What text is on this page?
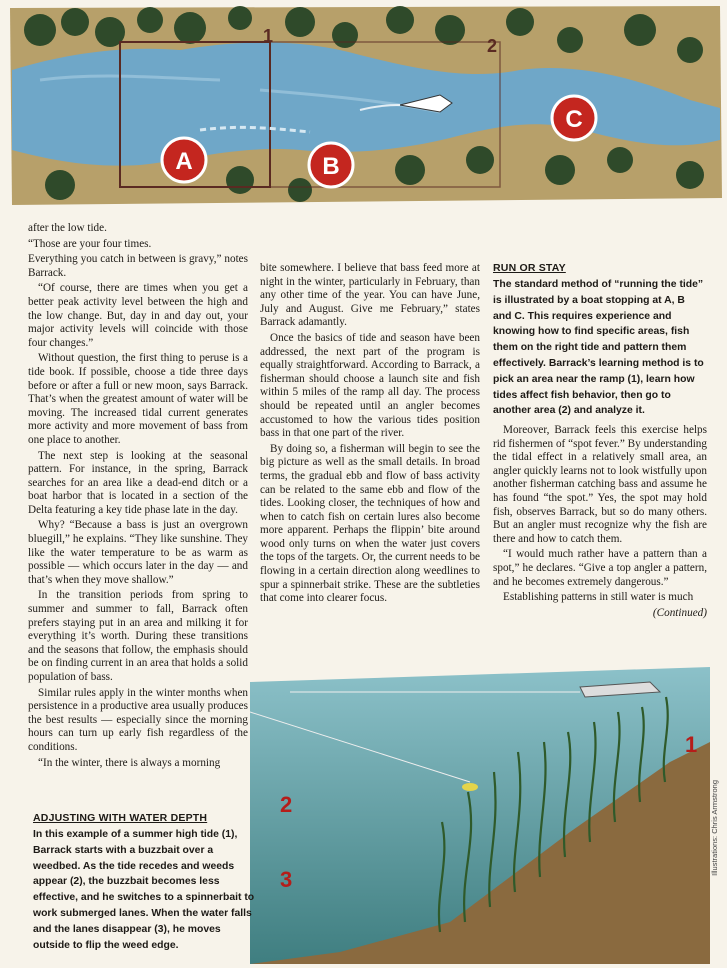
1	2
A	B
C

after the low tide.

“Those are your four times.

Everything you catch in between is gravy,” notes Barrack.

“Of course, there are times when you get a better peak activity level between the high and the low change. But, day in and day out, your major activity levels will coincide with those four changes.”

Without question, the first thing to peruse is a tide book. If possible, choose a tide three days before or after a full or new moon, says Barrack. That’s when the greatest amount of water will be moving. The increased tidal current generates more activity and more movement of bass from one place to another.

The next step is looking at the seasonal pattern. For instance, in the spring, Barrack searches for an area like a dead-end ditch or a boat harbor that is located in a section of the Delta featuring a key tide phase late in the day.

Why? “Because a bass is just an overgrown bluegill,” he explains. “They like sunshine. They like the water temperature to be as warm as possible — which occurs later in the day — and that’s when they move shallow.”

In the transition periods from spring to summer and summer to fall, Barrack often prefers staying put in an area and milking it for everything it’s worth. During these transitions and the seasons that follow, the emphasis should be on finding current in an area that holds a solid population of bass.

Similar rules apply in the winter months when persistence in a productive area usually produces the best results — especially since the morning hours can turn up early fish regardless of the conditions.

“In the winter, there is always a morning

bite somewhere. I believe that bass feed more at night in the winter, particularly in February, than any other time of the year. You can have June, July and August. Give me February,” states Barrack adamantly.

Once the basics of tide and season have been addressed, the next part of the program is equally straightforward. According to Barrack, a fisherman should choose a launch site and fish within 5 miles of the ramp all day. The process should be repeated until an angler becomes accustomed to how the various tides position bass in that one part of the river.

By doing so, a fisherman will begin to see the big picture as well as the small details. In broad terms, the gradual ebb and flow of bass activity can be related to the same ebb and flow of the tides. Looking closer, the techniques of how and when to catch fish on certain lures also become more apparent. Perhaps the flippin’ bite around wood only turns on when the water just covers the tops of the targets. Or, the current needs to be flowing in a certain direction along weedlines to spur a spinnerbait strike. These are the subtleties that come into clearer focus.

RUN OR STAY
The standard method of “running the tide” is illustrated by a boat stopping at A, B and C. This requires experience and knowing how to find specific areas, fish them on the right tide and pattern them effectively. Barrack’s learning method is to pick an area near the ramp (1), learn how tides affect fish behavior, then go to another area (2) and analyze it.

Moreover, Barrack feels this exercise helps rid fishermen of “spot fever.” By understanding the tidal effect in a relatively small area, an angler quickly learns not to look wistfully upon another fisherman catching bass and assume he has found “the spot.” Yes, the spot may hold fish, observes Barrack, but so do many others. But an angler must recognize why the fish are there and how to catch them.

“I would much rather have a pattern than a spot,” he declares. “Give a top angler a pattern, and he becomes extremely dangerous.”

Establishing patterns in still water is much

(Continued)
1
2
3
ADJUSTING WITH WATER DEPTH
In this example of a summer high tide (1), Barrack starts with a buzzbait over a weedbed. As the tide recedes and weeds appear (2), the buzzbait becomes less effective, and he switches to a spinnerbait to work submerged lanes. When the water falls and the lanes disappear (3), he moves outside to flip the weed edge.
Illustrations: Chris Armstrong
